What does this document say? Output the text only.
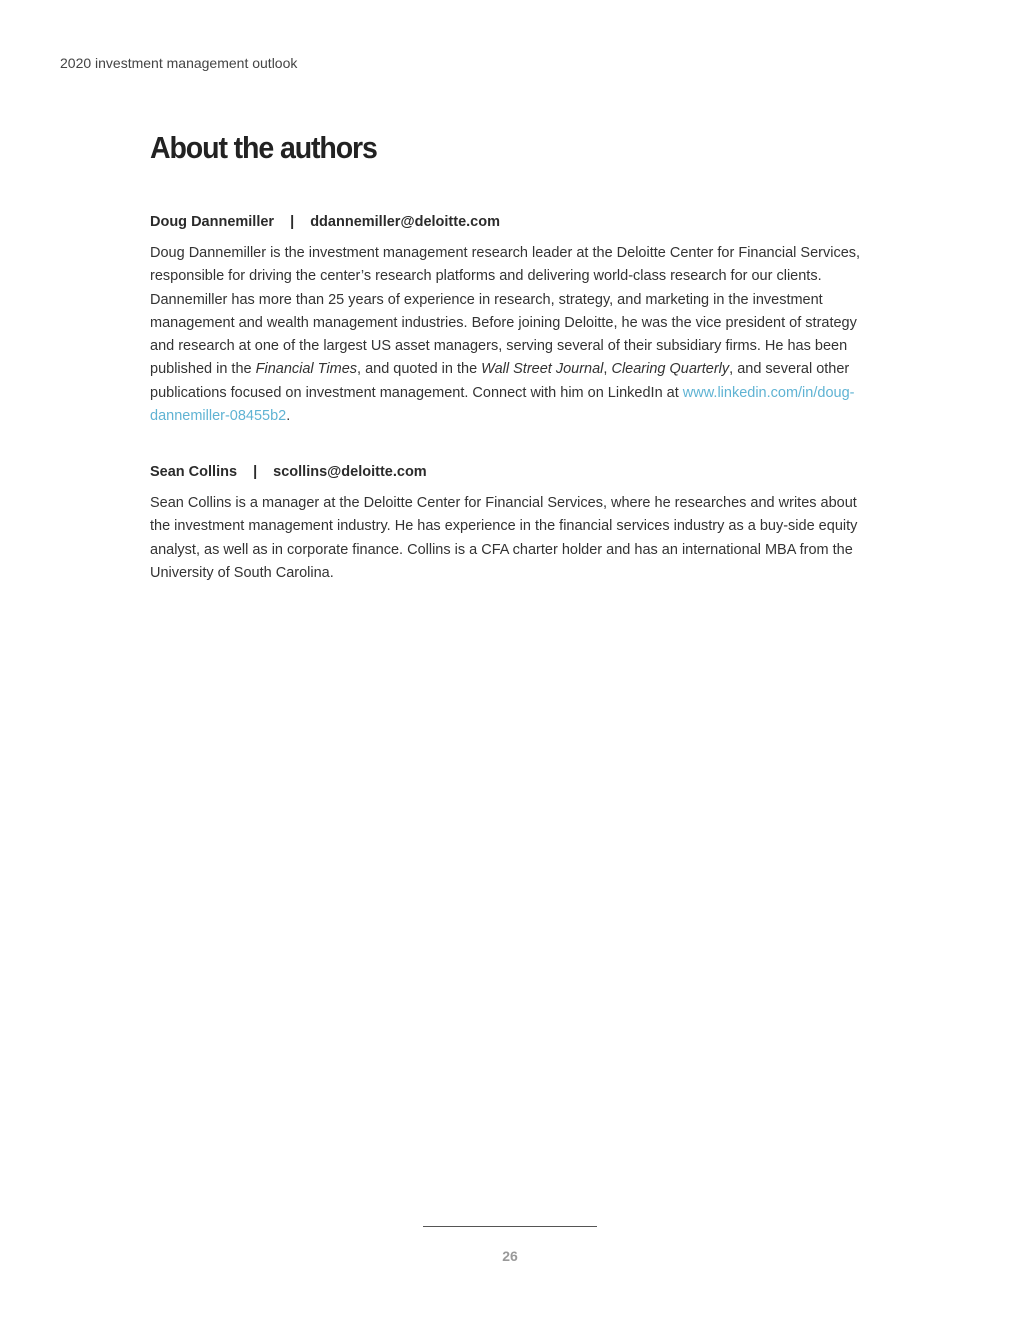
2020 investment management outlook
About the authors
Doug Dannemiller | ddannemiller@deloitte.com
Doug Dannemiller is the investment management research leader at the Deloitte Center for Financial Services, responsible for driving the center’s research platforms and delivering world-class research for our clients. Dannemiller has more than 25 years of experience in research, strategy, and marketing in the investment management and wealth management industries. Before joining Deloitte, he was the vice president of strategy and research at one of the largest US asset managers, serving several of their subsidiary firms. He has been published in the Financial Times, and quoted in the Wall Street Journal, Clearing Quarterly, and several other publications focused on investment management. Connect with him on LinkedIn at www.linkedin.com/in/doug-dannemiller-08455b2.
Sean Collins | scollins@deloitte.com
Sean Collins is a manager at the Deloitte Center for Financial Services, where he researches and writes about the investment management industry. He has experience in the financial services industry as a buy-side equity analyst, as well as in corporate finance. Collins is a CFA charter holder and has an international MBA from the University of South Carolina.
26
